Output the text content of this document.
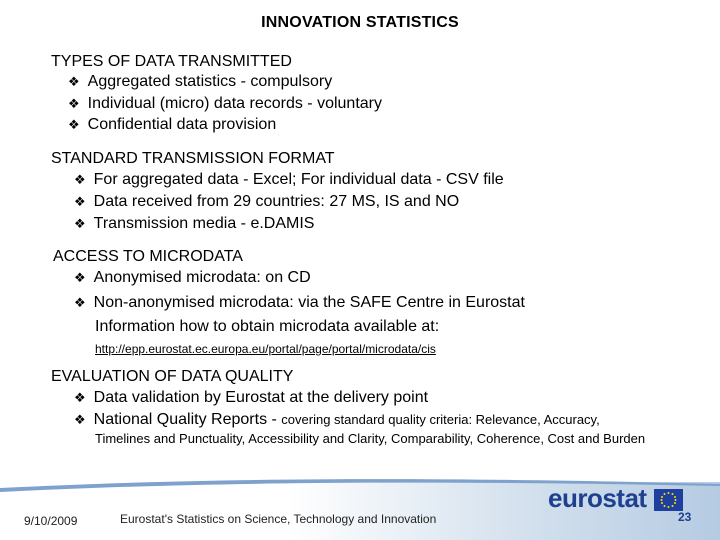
INNOVATION STATISTICS
TYPES OF DATA TRANSMITTED
❖ Aggregated statistics - compulsory
❖ Individual (micro) data records - voluntary
❖ Confidential data provision
STANDARD TRANSMISSION FORMAT
❖ For aggregated data - Excel; For individual data - CSV file
❖ Data received from 29 countries: 27 MS, IS and NO
❖ Transmission media - e.DAMIS
ACCESS TO MICRODATA
❖ Anonymised microdata: on CD
❖ Non-anonymised microdata: via the SAFE Centre in Eurostat
Information how to obtain microdata available at:
http://epp.eurostat.ec.europa.eu/portal/page/portal/microdata/cis
EVALUATION OF DATA QUALITY
❖ Data validation by Eurostat at the delivery point
❖ National Quality Reports - covering standard quality criteria: Relevance, Accuracy,
Timelines and Punctuality, Accessibility and Clarity, Comparability, Coherence, Cost and Burden
9/10/2009	Eurostat's Statistics on Science, Technology and Innovation
eurostat
23
